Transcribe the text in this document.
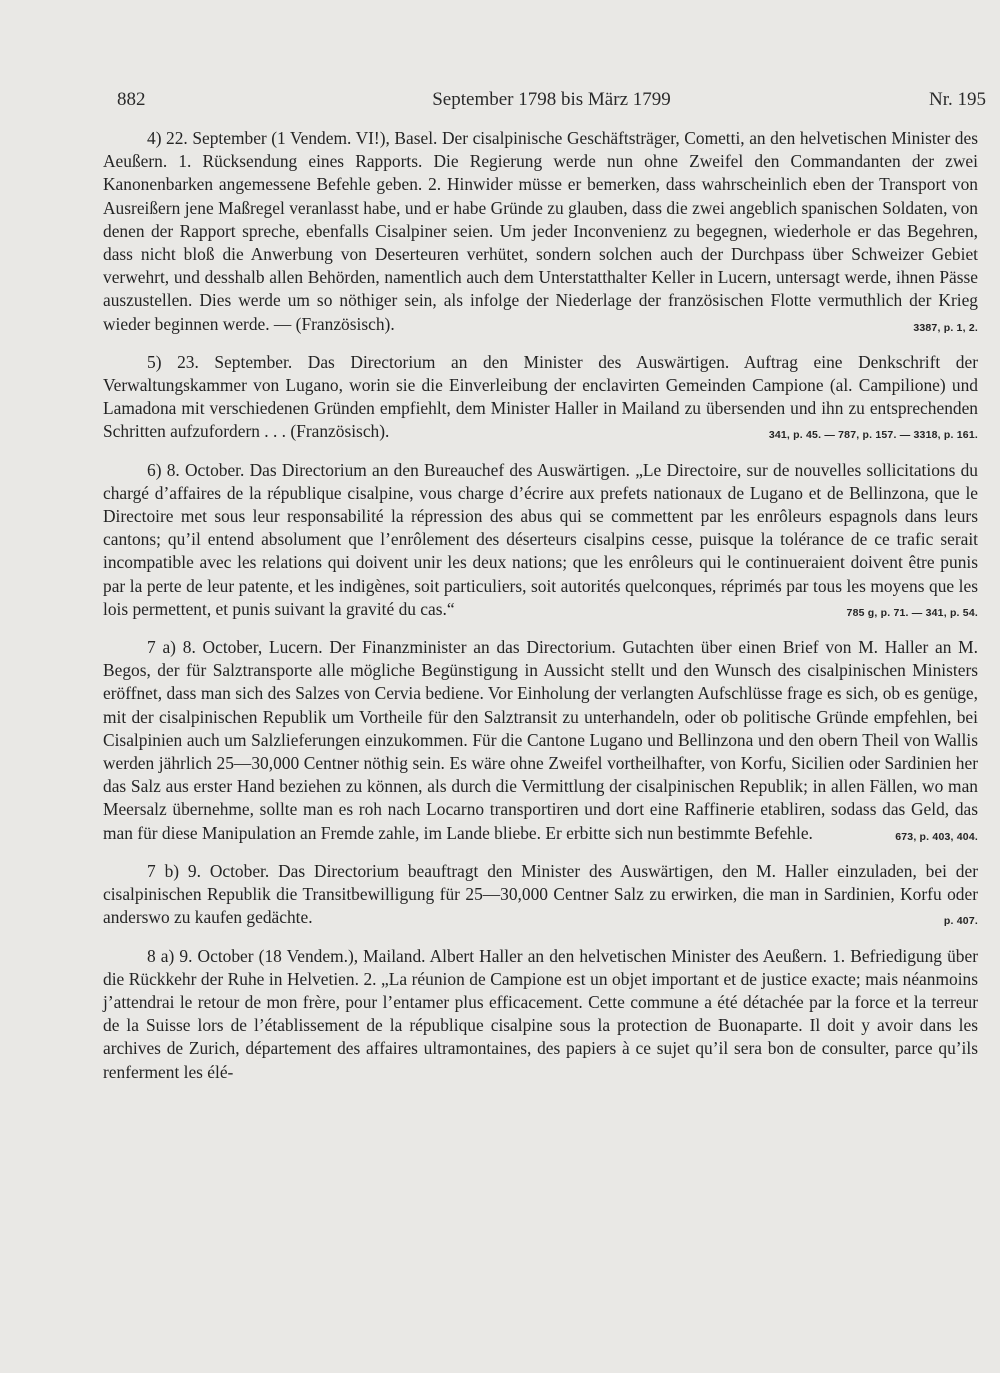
882	September 1798 bis März 1799	Nr. 195

4) 22. September (1 Vendem. VI!), Basel. Der cisalpinische Geschäftsträger, Cometti, an den helvetischen Minister des Aeußern. 1. Rücksendung eines Rapports. Die Regierung werde nun ohne Zweifel den Commandanten der zwei Kanonenbarken angemessene Befehle geben. 2. Hinwider müsse er bemerken, dass wahrscheinlich eben der Transport von Ausreißern jene Maßregel veranlasst habe, und er habe Gründe zu glauben, dass die zwei angeblich spanischen Soldaten, von denen der Rapport spreche, ebenfalls Cisalpiner seien. Um jeder Inconvenienz zu begegnen, wiederhole er das Begehren, dass nicht bloß die Anwerbung von Deserteuren verhütet, sondern solchen auch der Durchpass über Schweizer Gebiet verwehrt, und desshalb allen Behörden, namentlich auch dem Unterstatthalter Keller in Lucern, untersagt werde, ihnen Pässe auszustellen. Dies werde um so nöthiger sein, als infolge der Niederlage der französischen Flotte vermuthlich der Krieg wieder beginnen werde. — (Französisch).	3387, p. 1, 2.

5) 23. September. Das Directorium an den Minister des Auswärtigen. Auftrag eine Denkschrift der Verwaltungskammer von Lugano, worin sie die Einverleibung der enclavirten Gemeinden Campione (al. Campilione) und Lamadona mit verschiedenen Gründen empfiehlt, dem Minister Haller in Mailand zu übersenden und ihn zu entsprechenden Schritten aufzufordern . . . (Französisch).	341, p. 45. — 787, p. 157. — 3318, p. 161.

6) 8. October. Das Directorium an den Bureauchef des Auswärtigen. „Le Directoire, sur de nouvelles sollicitations du chargé d’affaires de la république cisalpine, vous charge d’écrire aux prefets nationaux de Lugano et de Bellinzona, que le Directoire met sous leur responsabilité la répression des abus qui se commettent par les enrôleurs espagnols dans leurs cantons; qu’il entend absolument que l’enrôlement des déserteurs cisalpins cesse, puisque la tolérance de ce trafic serait incompatible avec les relations qui doivent unir les deux nations; que les enrôleurs qui le continueraient doivent être punis par la perte de leur patente, et les indigènes, soit particuliers, soit autorités quelconques, réprimés par tous les moyens que les lois permettent, et punis suivant la gravité du cas.“	785 g, p. 71. — 341, p. 54.

7 a) 8. October, Lucern. Der Finanzminister an das Directorium. Gutachten über einen Brief von M. Haller an M. Begos, der für Salztransporte alle mögliche Begünstigung in Aussicht stellt und den Wunsch des cisalpinischen Ministers eröffnet, dass man sich des Salzes von Cervia bediene. Vor Einholung der verlangten Aufschlüsse frage es sich, ob es genüge, mit der cisalpinischen Republik um Vortheile für den Salztransit zu unterhandeln, oder ob politische Gründe empfehlen, bei Cisalpinien auch um Salzlieferungen einzukommen. Für die Cantone Lugano und Bellinzona und den obern Theil von Wallis werden jährlich 25—30,000 Centner nöthig sein. Es wäre ohne Zweifel vortheilhafter, von Korfu, Sicilien oder Sardinien her das Salz aus erster Hand beziehen zu können, als durch die Vermittlung der cisalpinischen Republik; in allen Fällen, wo man Meersalz übernehme, sollte man es roh nach Locarno transportiren und dort eine Raffinerie etabliren, sodass das Geld, das man für diese Manipulation an Fremde zahle, im Lande bliebe. Er erbitte sich nun bestimmte Befehle.	673, p. 403, 404.

7 b) 9. October. Das Directorium beauftragt den Minister des Auswärtigen, den M. Haller einzuladen, bei der cisalpinischen Republik die Transitbewilligung für 25—30,000 Centner Salz zu erwirken, die man in Sardinien, Korfu oder anderswo zu kaufen gedächte.	p. 407.

8 a) 9. October (18 Vendem.), Mailand. Albert Haller an den helvetischen Minister des Aeußern. 1. Befriedigung über die Rückkehr der Ruhe in Helvetien. 2. „La réunion de Campione est un objet important et de justice exacte; mais néanmoins j’attendrai le retour de mon frère, pour l’entamer plus efficacement. Cette commune a été détachée par la force et la terreur de la Suisse lors de l’établissement de la république cisalpine sous la protection de Buonaparte. Il doit y avoir dans les archives de Zurich, département des affaires ultramontaines, des papiers à ce sujet qu’il sera bon de consulter, parce qu’ils renferment les élé-
